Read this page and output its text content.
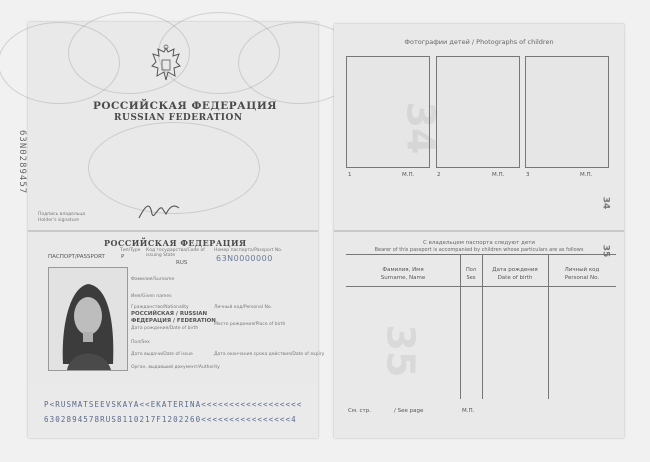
РОССИЙСКАЯ ФЕДЕРАЦИЯ
RUSSIAN FEDERATION
63N0289457
Подпись владельца
Holder's signature
РОССИЙСКАЯ ФЕДЕРАЦИЯ
ПАСПОРТ/PASSPORT
Тип/Type
P
Код государства/Code of issuing State
RUS
Номер паспорта/Passport No.
63N0000000
Фамилия/Surname
Имя/Given names
Гражданство/Nationality
РОССИЙСКАЯ / RUSSIAN
ФЕДЕРАЦИЯ / FEDERATION
Личный код/Personal No.
Дата рождения/Date of birth
Место рождения/Place of birth
Пол/Sex
Дата выдачи/Date of issue	Дата окончания срока действия/Date of expiry
Орган, выдавший документ/Authority
P<RUSMATSEEVSKAYA<<EKATERINA<<<<<<<<<<<<<<<<<<
6302894578RUS8110217F1202260<<<<<<<<<<<<<<<<4
Фотографии детей / Photographs of children
34
1	М.П.	2	М.П.	3	М.П.
34
С владельцем паспорта следуют дети
Bearer of this passport is accompanied by children whose particulars are as follows
Фамилия, Имя
Surname, Name
Пол
Sex
Дата рождения
Date of birth
Личный код
Personal No.
35
35
См. стр.	/ See page	М.П.
